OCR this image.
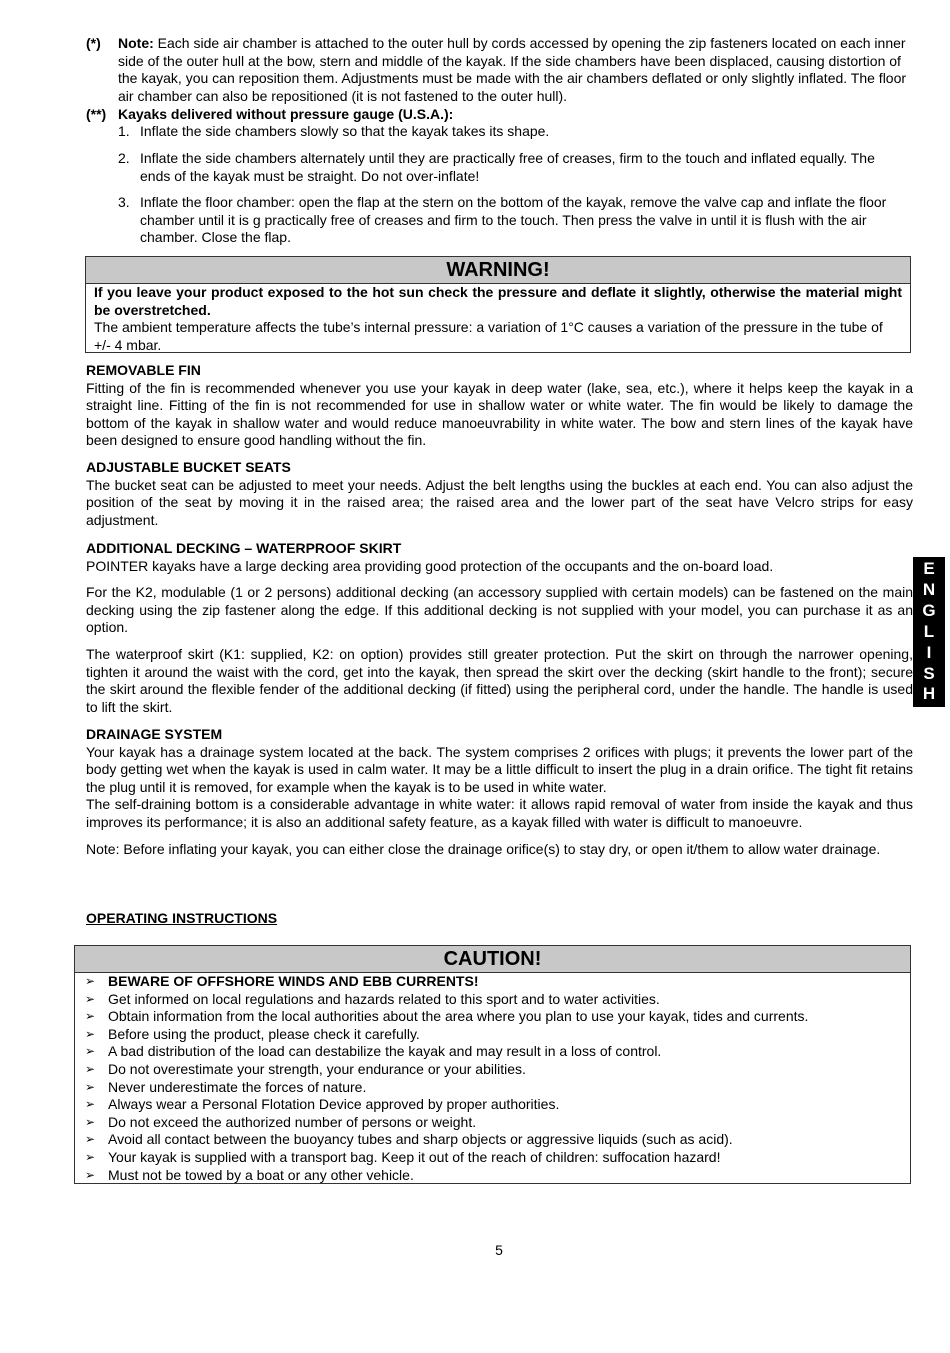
(*) Note: Each side air chamber is attached to the outer hull by cords accessed by opening the zip fasteners located on each inner side of the outer hull at the bow, stern and middle of the kayak. If the side chambers have been displaced, causing distortion of the kayak, you can reposition them. Adjustments must be made with the air chambers deflated or only slightly inflated. The floor air chamber can also be repositioned (it is not fastened to the outer hull).
(**) Kayaks delivered without pressure gauge (U.S.A.):
1. Inflate the side chambers slowly so that the kayak takes its shape.
2. Inflate the side chambers alternately until they are practically free of creases, firm to the touch and inflated equally. The ends of the kayak must be straight. Do not over-inflate!
3. Inflate the floor chamber: open the flap at the stern on the bottom of the kayak, remove the valve cap and inflate the floor chamber until it is g practically free of creases and firm to the touch. Then press the valve in until it is flush with the air chamber. Close the flap.
WARNING!
If you leave your product exposed to the hot sun check the pressure and deflate it slightly, otherwise the material might be overstretched.
The ambient temperature affects the tube’s internal pressure: a variation of 1°C causes a variation of the pressure in the tube of +/- 4 mbar.
REMOVABLE FIN

Fitting of the fin is recommended whenever you use your kayak in deep water (lake, sea, etc.), where it helps keep the kayak in a straight line. Fitting of the fin is not recommended for use in shallow water or white water. The fin would be likely to damage the bottom of the kayak in shallow water and would reduce manoeuvrability in white water. The bow and stern lines of the kayak have been designed to ensure good handling without the fin.

ADJUSTABLE BUCKET SEATS

The bucket seat can be adjusted to meet your needs. Adjust the belt lengths using the buckles at each end. You can also adjust the position of the seat by moving it in the raised area; the raised area and the lower part of the seat have Velcro strips for easy adjustment.

ADDITIONAL DECKING – WATERPROOF SKIRT

POINTER kayaks have a large decking area providing good protection of the occupants and the on-board load.

For the K2, modulable (1 or 2 persons) additional decking (an accessory supplied with certain models) can be fastened on the main decking using the zip fastener along the edge. If this additional decking is not supplied with your model, you can purchase it as an option.

The waterproof skirt (K1: supplied, K2: on option) provides still greater protection. Put the skirt on through the narrower opening, tighten it around the waist with the cord, get into the kayak, then spread the skirt over the decking (skirt handle to the front); secure the skirt around the flexible fender of the additional decking (if fitted) using the peripheral cord, under the handle. The handle is used to lift the skirt.

E
N
G
L
I
S
H
DRAINAGE SYSTEM

Your kayak has a drainage system located at the back. The system comprises 2 orifices with plugs; it prevents the lower part of the body getting wet when the kayak is used in calm water. It may be a little difficult to insert the plug in a drain orifice. The tight fit retains the plug until it is removed, for example when the kayak is to be used in white water.

The self-draining bottom is a considerable advantage in white water: it allows rapid removal of water from inside the kayak and thus improves its performance; it is also an additional safety feature, as a kayak filled with water is difficult to manoeuvre.

Note: Before inflating your kayak, you can either close the drainage orifice(s) to stay dry, or open it/them to allow water drainage.

OPERATING INSTRUCTIONS
CAUTION!
➢ BEWARE OF OFFSHORE WINDS AND EBB CURRENTS!
➢ Get informed on local regulations and hazards related to this sport and to water activities.
➢ Obtain information from the local authorities about the area where you plan to use your kayak, tides and currents.
➢ Before using the product, please check it carefully.
➢ A bad distribution of the load can destabilize the kayak and may result in a loss of control.
➢ Do not overestimate your strength, your endurance or your abilities.
➢ Never underestimate the forces of nature.
➢ Always wear a Personal Flotation Device approved by proper authorities.
➢ Do not exceed the authorized number of persons or weight.
➢ Avoid all contact between the buoyancy tubes and sharp objects or aggressive liquids (such as acid).
➢ Your kayak is supplied with a transport bag. Keep it out of the reach of children: suffocation hazard!
➢ Must not be towed by a boat or any other vehicle.
5
